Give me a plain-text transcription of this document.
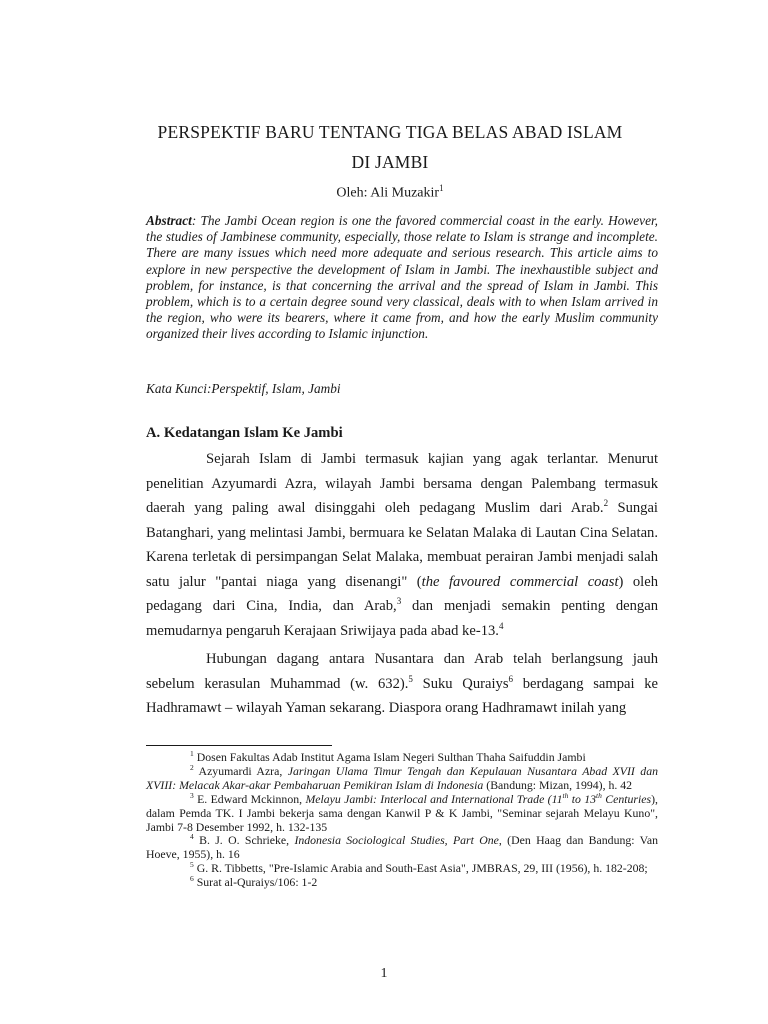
PERSPEKTIF BARU TENTANG TIGA BELAS ABAD ISLAM
DI JAMBI
Oleh: Ali Muzakir$^1$

Abstract: The Jambi Ocean region is one the favored commercial coast in the early. However, the studies of Jambinese community, especially, those relate to Islam is strange and incomplete. There are many issues which need more adequate and serious research. This article aims to explore in new perspective the development of Islam in Jambi. The inexhaustible subject and problem, for instance, is that concerning the arrival and the spread of Islam in Jambi. This problem, which is to a certain degree sound very classical, deals with to when Islam arrived in the region, who were its bearers, where it came from, and how the early Muslim community organized their lives according to Islamic injunction.

Kata Kunci:Perspektif, Islam, Jambi
A. Kedatangan Islam Ke Jambi

Sejarah Islam di Jambi termasuk kajian yang agak terlantar. Menurut penelitian Azyumardi Azra, wilayah Jambi bersama dengan Palembang termasuk daerah yang paling awal disinggahi oleh pedagang Muslim dari Arab.$^2$ Sungai Batanghari, yang melintasi Jambi, bermuara ke Selatan Malaka di Lautan Cina Selatan. Karena terletak di persimpangan Selat Malaka, membuat perairan Jambi menjadi salah satu jalur "pantai niaga yang disenangi" (the favoured commercial coast) oleh pedagang dari Cina, India, dan Arab,$^3$ dan menjadi semakin penting dengan memudarnya pengaruh Kerajaan Sriwijaya pada abad ke-13.$^4$

Hubungan dagang antara Nusantara dan Arab telah berlangsung jauh sebelum kerasulan Muhammad (w. 632).$^5$ Suku Quraiys$^6$ berdagang sampai ke Hadhramawt – wilayah Yaman sekarang. Diaspora orang Hadhramawt inilah yang

$^1$ Dosen Fakultas Adab Institut Agama Islam Negeri Sulthan Thaha Saifuddin Jambi

$^2$ Azyumardi Azra, Jaringan Ulama Timur Tengah dan Kepulauan Nusantara Abad XVII dan XVIII: Melacak Akar-akar Pembaharuan Pemikiran Islam di Indonesia (Bandung: Mizan, 1994), h. 42

$^3$ E. Edward Mckinnon, Melayu Jambi: Interlocal and International Trade (11th to 13th Centuries), dalam Pemda TK. I Jambi bekerja sama dengan Kanwil P & K Jambi, "Seminar sejarah Melayu Kuno", Jambi 7-8 Desember 1992, h. 132-135

$^4$ B. J. O. Schrieke, Indonesia Sociological Studies, Part One, (Den Haag dan Bandung: Van Hoeve, 1955), h. 16

$^5$ G. R. Tibbetts, "Pre-Islamic Arabia and South-East Asia", JMBRAS, 29, III (1956), h. 182-208;

$^6$ Surat al-Quraiys/106: 1-2

1
